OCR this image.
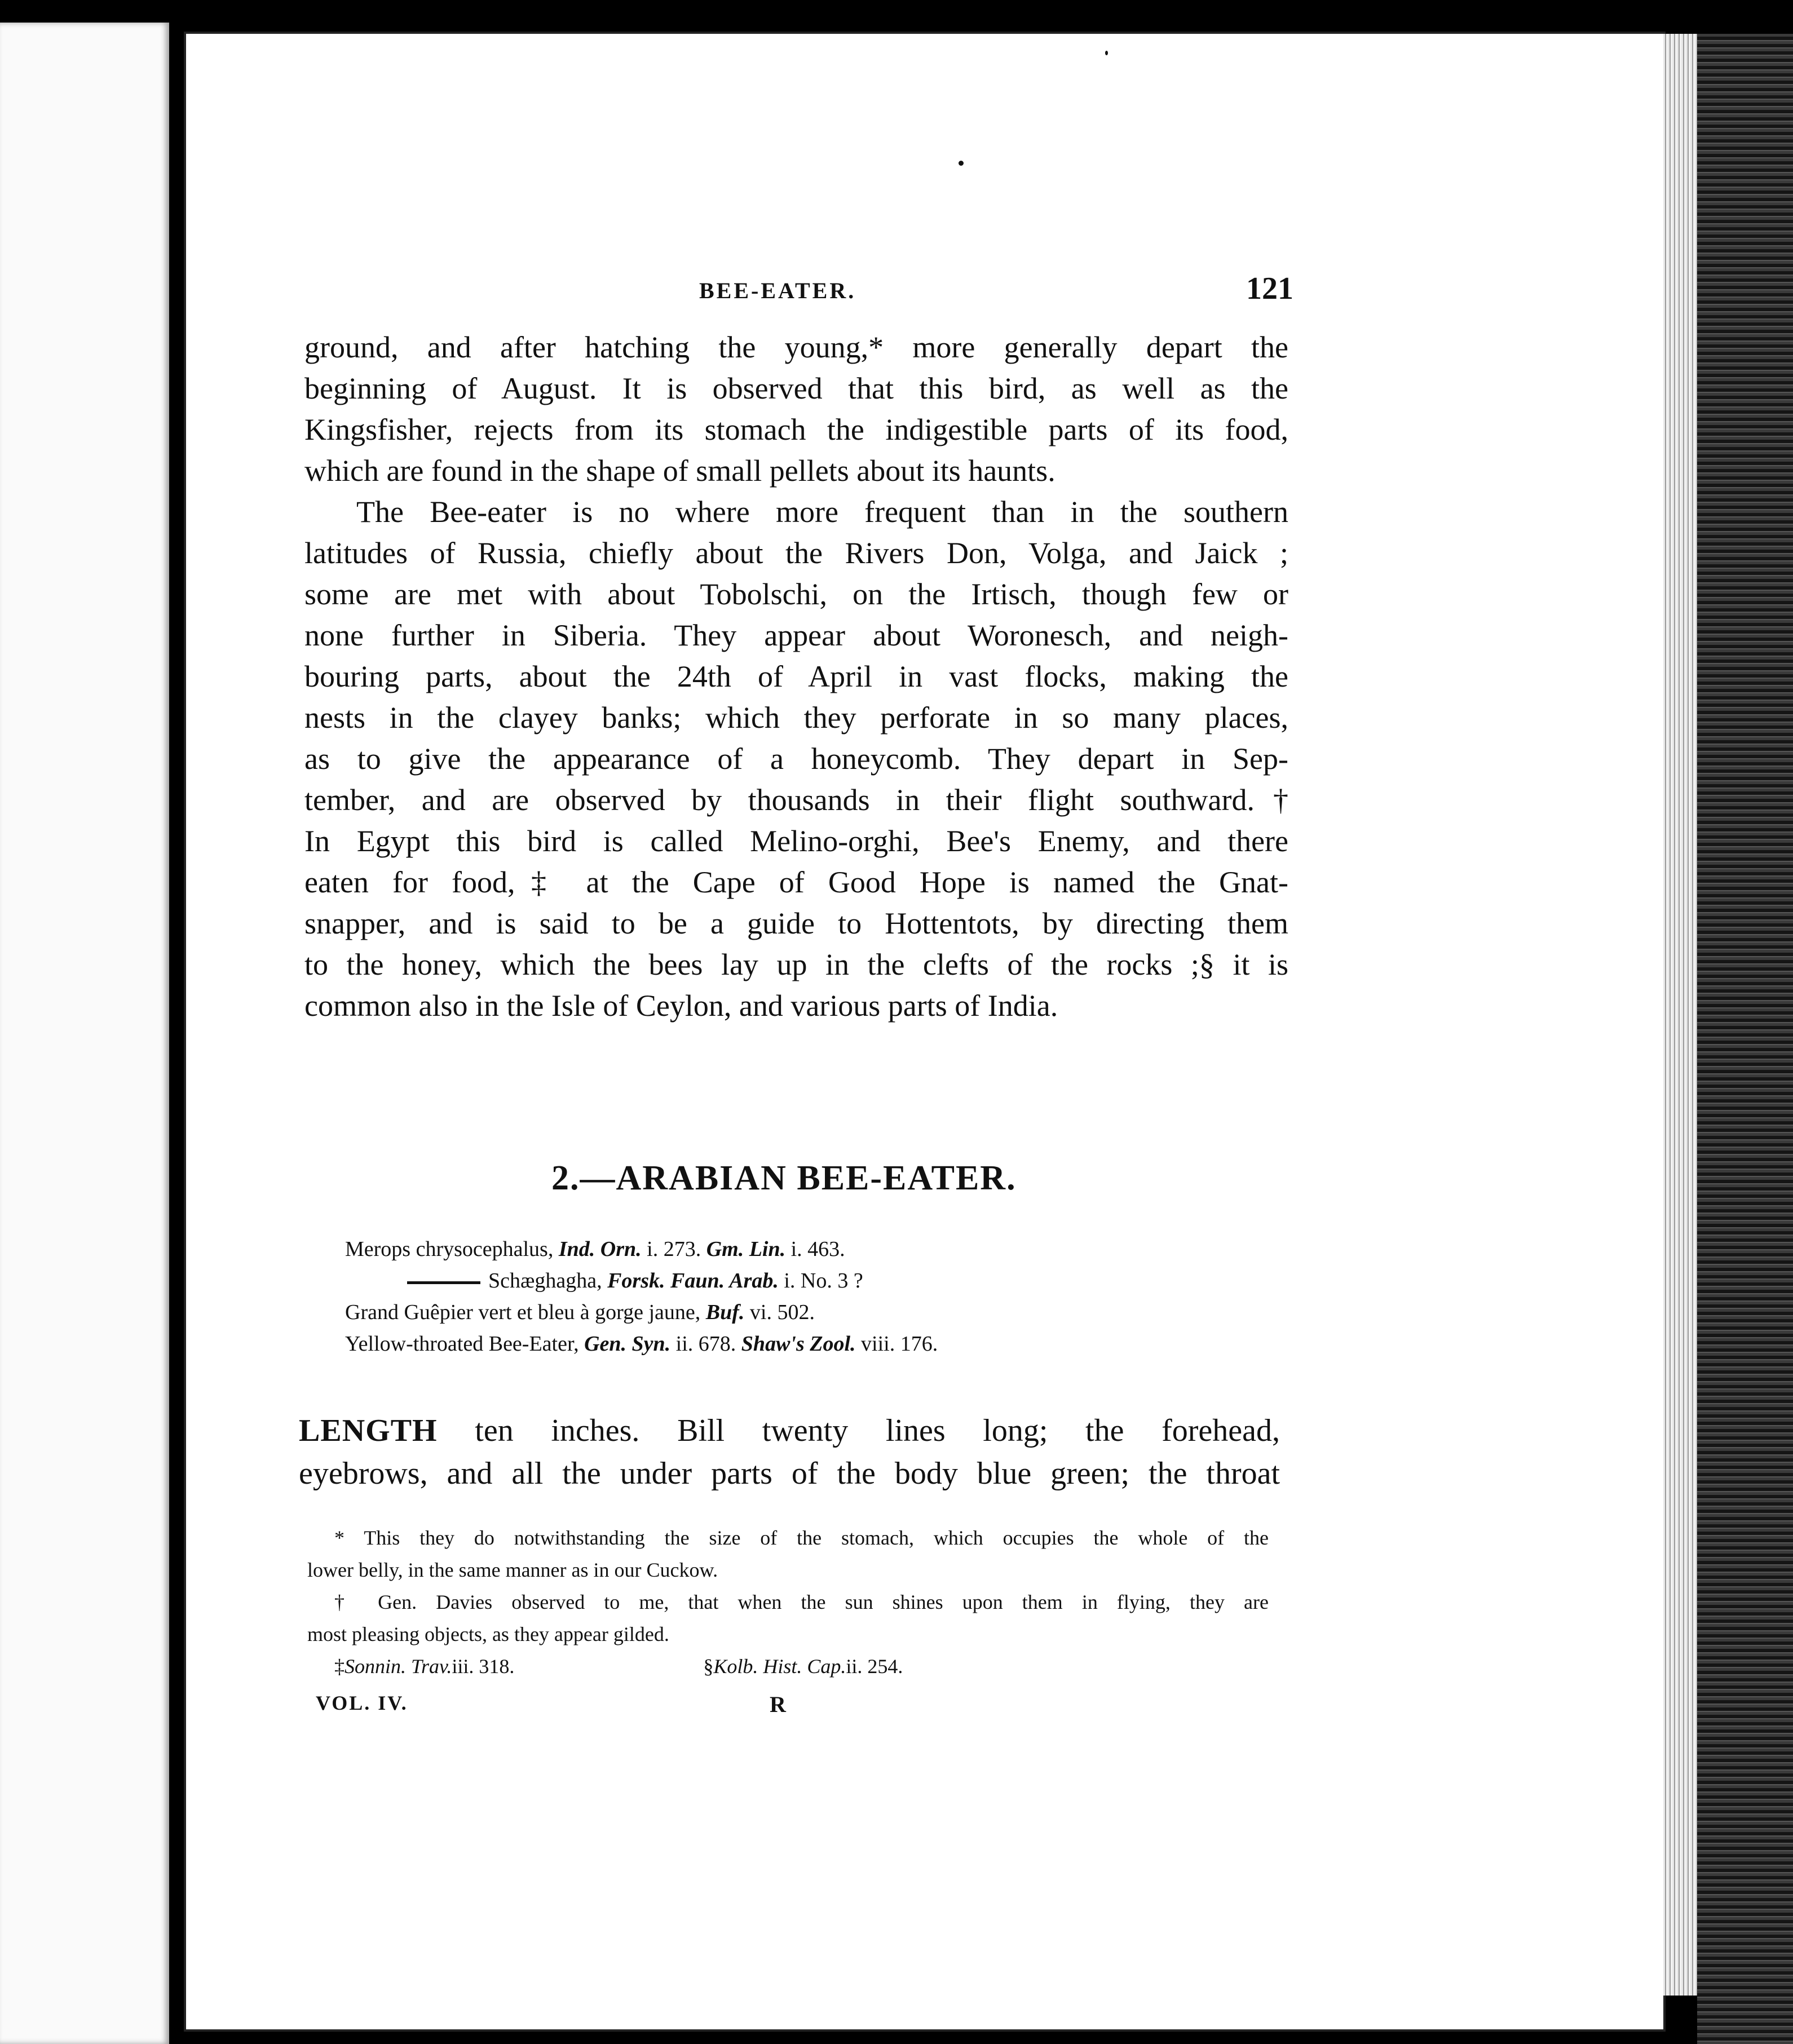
BEE-EATER.	121
ground, and after hatching the young,* more generally depart the
beginning of August. It is observed that this bird, as well as the
Kingsfisher, rejects from its stomach the indigestible parts of its food,
which are found in the shape of small pellets about its haunts.
The Bee-eater is no where more frequent than in the southern
latitudes of Russia, chiefly about the Rivers Don, Volga, and Jaick ;
some are met with about Tobolschi, on the Irtisch, though few or
none further in Siberia. They appear about Woronesch, and neigh-
bouring parts, about the 24th of April in vast flocks, making the
nests in the clayey banks; which they perforate in so many places,
as to give the appearance of a honeycomb. They depart in Sep-
tember, and are observed by thousands in their flight southward.†
In Egypt this bird is called Melino-orghi, Bee's Enemy, and there
eaten for food,‡ at the Cape of Good Hope is named the Gnat-
snapper, and is said to be a guide to Hottentots, by directing them
to the honey, which the bees lay up in the clefts of the rocks ;§ it is
common also in the Isle of Ceylon, and various parts of India.
2.—ARABIAN BEE-EATER.
Merops chrysocephalus, Ind. Orn. i. 273. Gm. Lin. i. 463.
Schæghagha, Forsk. Faun. Arab. i. No. 3 ?
Grand Guêpier vert et bleu à gorge jaune, Buf. vi. 502.
Yellow-throated Bee-Eater, Gen. Syn. ii. 678. Shaw's Zool. viii. 176.
LENGTH ten inches. Bill twenty lines long; the forehead,
eyebrows, and all the under parts of the body blue green; the throat
* This they do notwithstanding the size of the stomach, which occupies the whole of the
lower belly, in the same manner as in our Cuckow.
† Gen. Davies observed to me, that when the sun shines upon them in flying, they are
most pleasing objects, as they appear gilded.
‡Sonnin. Trav.iii. 318.	§Kolb. Hist. Cap.ii. 254.
VOL. IV.	R
